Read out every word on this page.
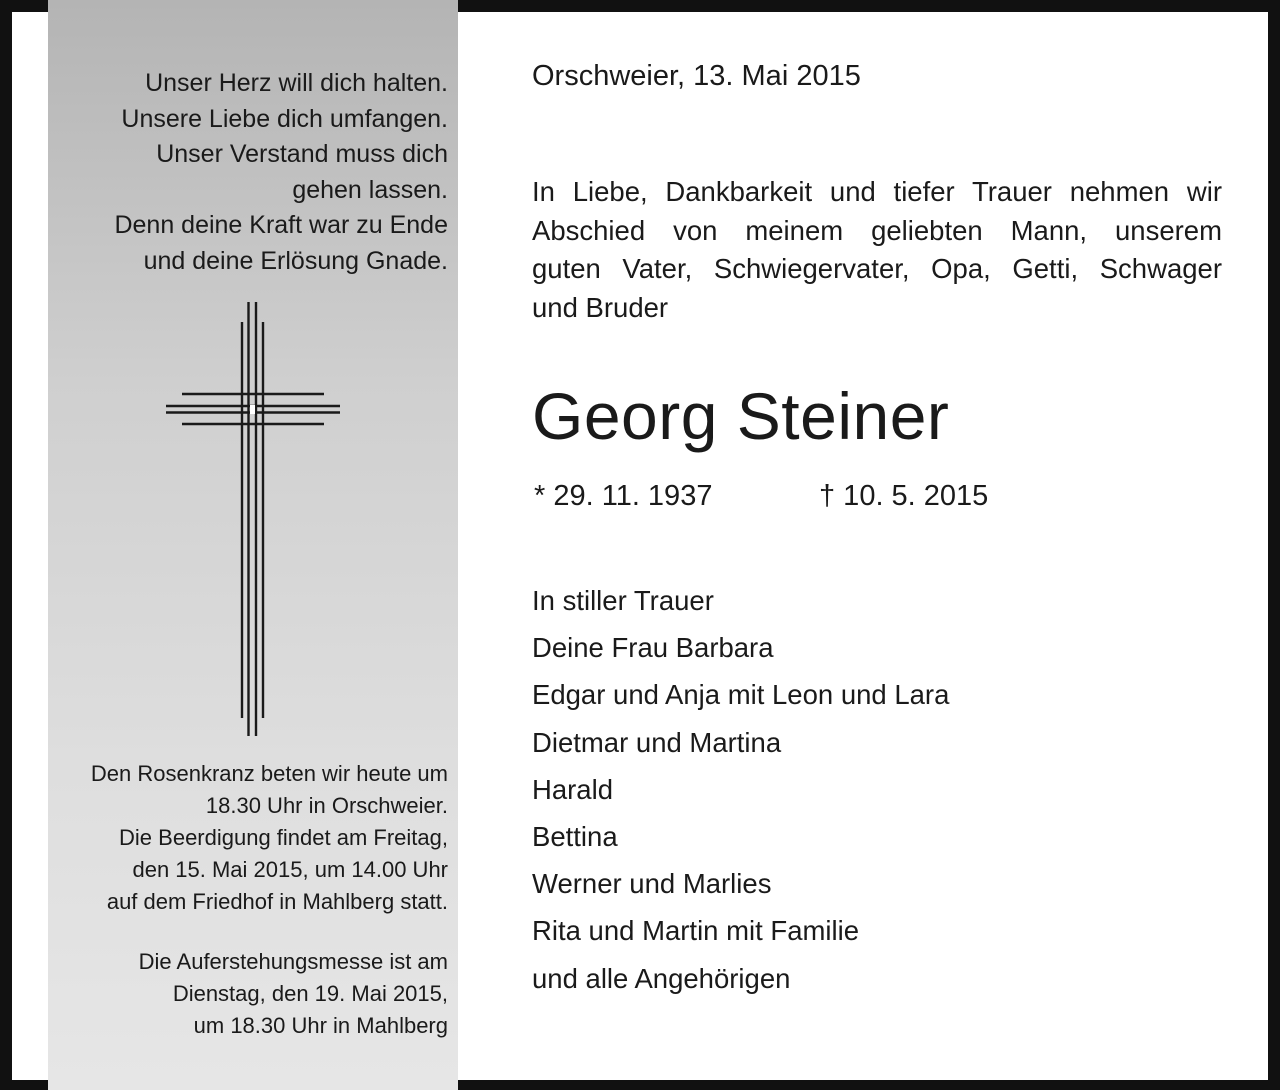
Unser Herz will dich halten.
Unsere Liebe dich umfangen.
Unser Verstand muss dich
gehen lassen.
Denn deine Kraft war zu Ende
und deine Erlösung Gnade.
Den Rosenkranz beten wir heute um
18.30 Uhr in Orschweier.
Die Beerdigung findet am Freitag,
den 15. Mai 2015, um 14.00 Uhr
auf dem Friedhof in Mahlberg statt.
Die Auferstehungsmesse ist am
Dienstag, den 19. Mai 2015,
um 18.30 Uhr in Mahlberg
Orschweier, 13. Mai 2015
In Liebe, Dankbarkeit und tiefer Trauer nehmen wir
Abschied von meinem geliebten Mann, unserem
guten Vater, Schwiegervater, Opa, Getti, Schwager
und Bruder
Georg Steiner
* 29. 11. 1937	† 10. 5. 2015
In stiller Trauer
Deine Frau Barbara
Edgar und Anja mit Leon und Lara
Dietmar und Martina
Harald
Bettina
Werner und Marlies
Rita und Martin mit Familie
und alle Angehörigen
